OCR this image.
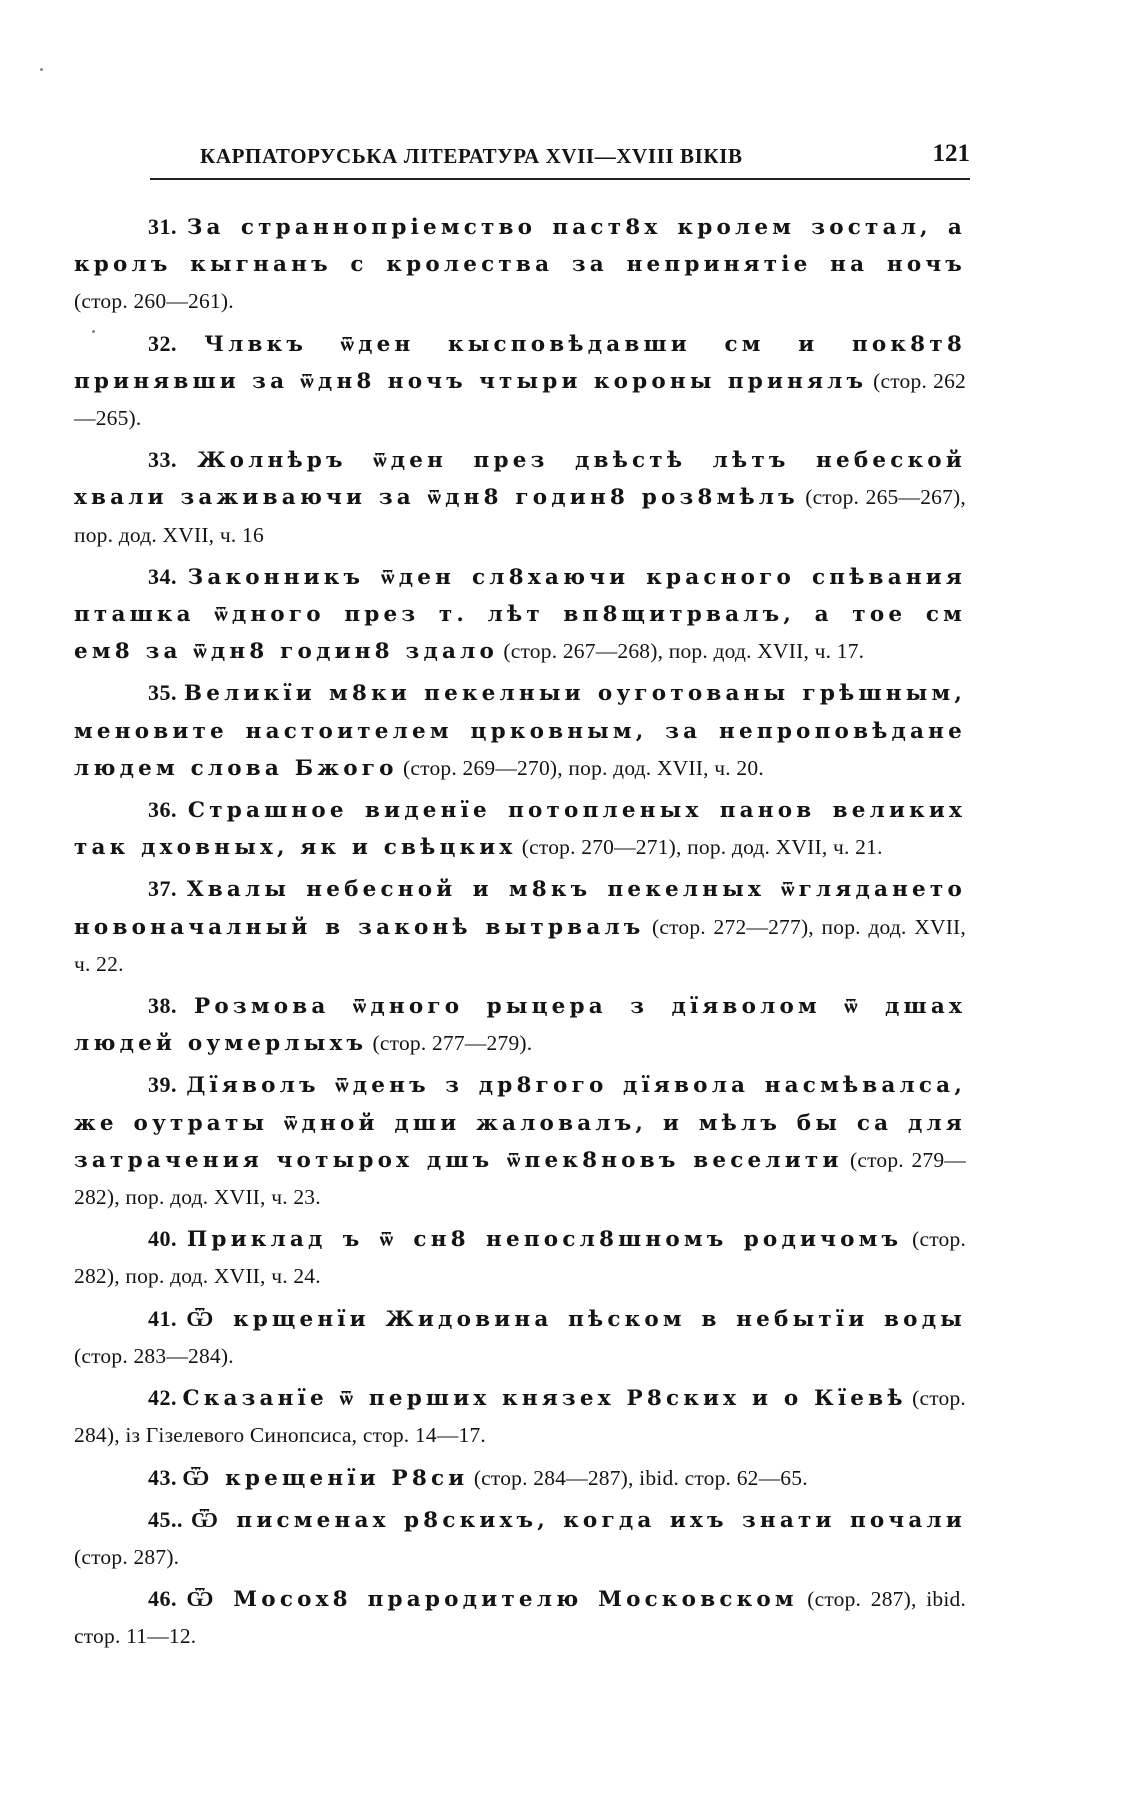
КАРПАТОРУСЬКА ЛІТЕРАТУРА XVII—XVIII ВІКІВ	121

31. За страннопріемство паст8х кролем зостал, а кролъ кыгнанъ с кролества за непринятіе на ночъ (стор. 260—261).

32. Члвкъ ѿден кысповѣдавши см и пок8т8 принявши за ѿдн8 ночъ чтыри короны принялъ (стор. 262—265).

33. Жолнѣръ ѿден през двѣстѣ лѣтъ небеской хвали заживаючи за ѿдн8 годин8 роз8мѣлъ (стор. 265—267), пор. дод. XVII, ч. 16

34. Законникъ ѿден сл8хаючи красного спѣвания пташка ѿдного през т. лѣт вп8щитрвалъ, а тое см ем8 за ѿдн8 годин8 здало (стор. 267—268), пор. дод. XVII, ч. 17.

35. Великїи м8ки пекелныи оуготованы грѣшным, меновите настоителем црковным, за непроповѣдане людем слова Бжого (стор. 269—270), пор. дод. XVII, ч. 20.

36. Страшное виденїе потопленых панов великих так дховных, як и свѣцких (стор. 270—271), пор. дод. XVII, ч. 21.

37. Хвалы небесной и м8къ пекелных ѿглядането новоначалный в законѣ вытрвалъ (стор. 272—277), пор. дод. XVII, ч. 22.

38. Розмова ѿдного рыцера з дїяволом ѿ дшах людей оумерлыхъ (стор. 277—279).

39. Дїяволъ ѿденъ з др8гого дїявола насмѣвалса, же оутраты ѿдной дши жаловалъ, и мѣлъ бы са для затрачения чотырох дшъ ѿпек8новъ веселити (стор. 279—282), пор. дод. XVII, ч. 23.

40. Приклад ъ ѿ сн8 непосл8шномъ родичомъ (стор. 282), пор. дод. XVII, ч. 24.

41. Ѿ крщенїи Жидовина пѣском в небытїи воды (стор. 283—284).

42. Сказанїе ѿ перших князех Р8ских и о Кїевѣ (стор. 284), із Гізелевого Синопсиса, стор. 14—17.

43. Ѿ крещенїи Р8си (стор. 284—287), ibid. стор. 62—65.

45.. Ѿ писменах р8скихъ, когда ихъ знати почали (стор. 287).

46. Ѿ Мосох8 прародителю Московском (стор. 287), ibid. стор. 11—12.
